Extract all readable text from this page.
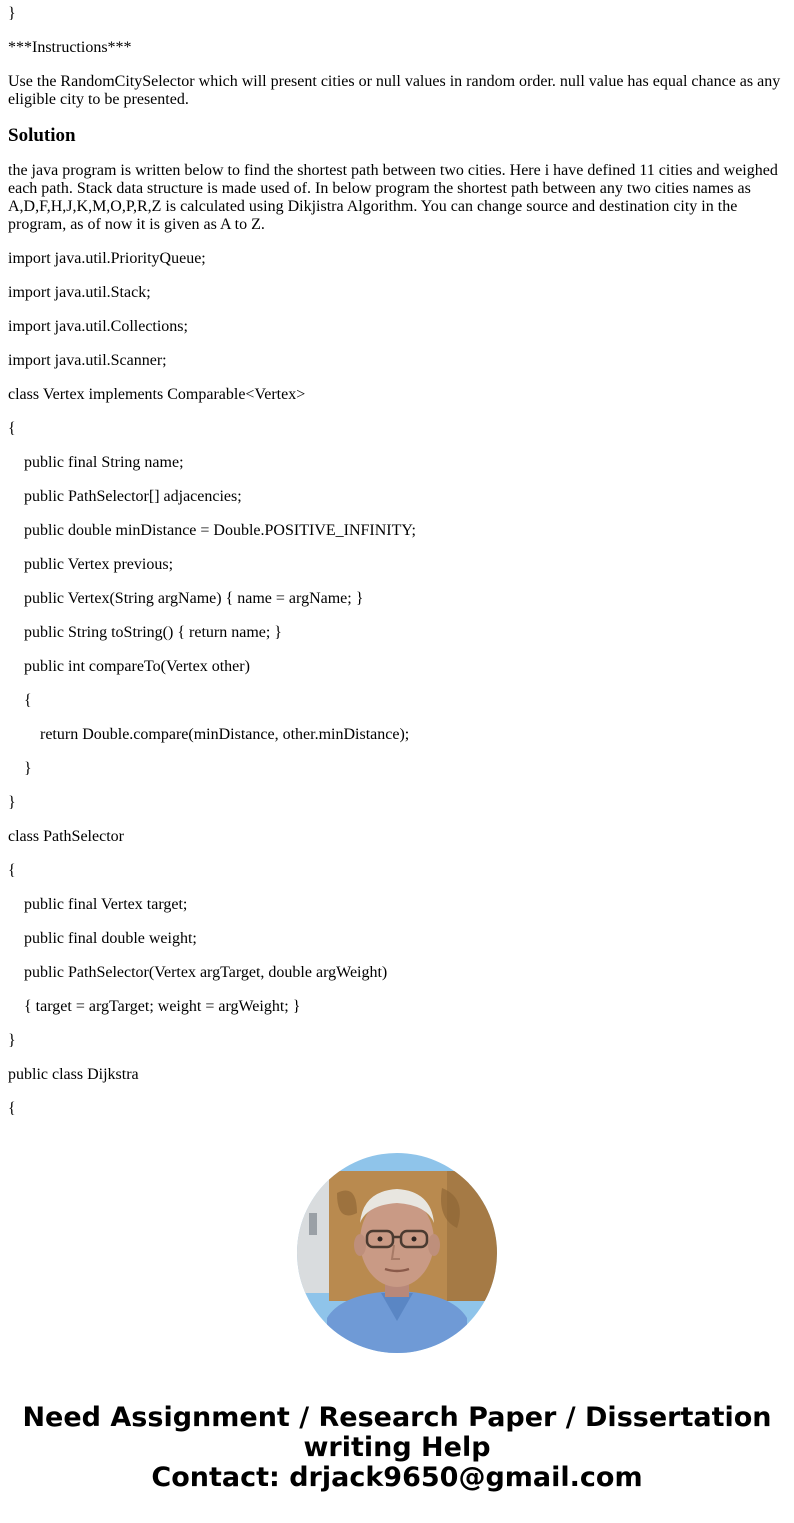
}

***Instructions***

Use the RandomCitySelector which will present cities or null values in random order. null value has equal chance as any eligible city to be presented.

Solution

the java program is written below to find the shortest path between two cities. Here i have defined 11 cities and weighed each path. Stack data structure is made used of. In below program the shortest path between any two cities names as A,D,F,H,J,K,M,O,P,R,Z is calculated using Dikjistra Algorithm. You can change source and destination city in the program, as of now it is given as A to Z.

import java.util.PriorityQueue;

import java.util.Stack;

import java.util.Collections;

import java.util.Scanner;

class Vertex implements Comparable<Vertex>

{

public final String name;

public PathSelector[] adjacencies;

public double minDistance = Double.POSITIVE_INFINITY;

public Vertex previous;

public Vertex(String argName) { name = argName; }

public String toString() { return name; }

public int compareTo(Vertex other)

{

return Double.compare(minDistance, other.minDistance);

}

}

class PathSelector

{

public final Vertex target;

public final double weight;

public PathSelector(Vertex argTarget, double argWeight)

{ target = argTarget; weight = argWeight; }

}

public class Dijkstra

{

Need Assignment / Research Paper / Dissertation
writing Help
Contact: drjack9650@gmail.com
